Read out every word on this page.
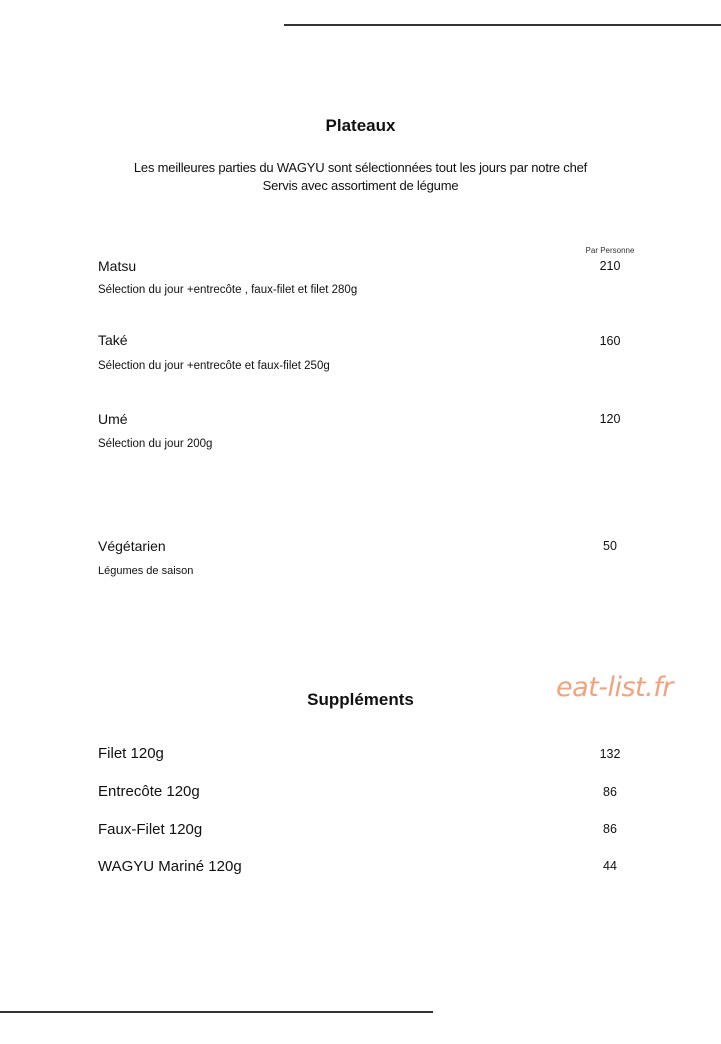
Plateaux
Les meilleures parties du WAGYU sont sélectionnées tout les jours par notre chef
Servis avec assortiment de légume
Par Personne
Matsu	210
Sélection du jour +entrecôte , faux-filet et filet 280g
Také	160
Sélection du jour +entrecôte et faux-filet 250g
Umé	120
Sélection du jour 200g
Végétarien	50
Légumes de saison
eat-list.fr
Suppléments
Filet 120g	132
Entrecôte 120g	86
Faux-Filet 120g	86
WAGYU Mariné 120g	44
